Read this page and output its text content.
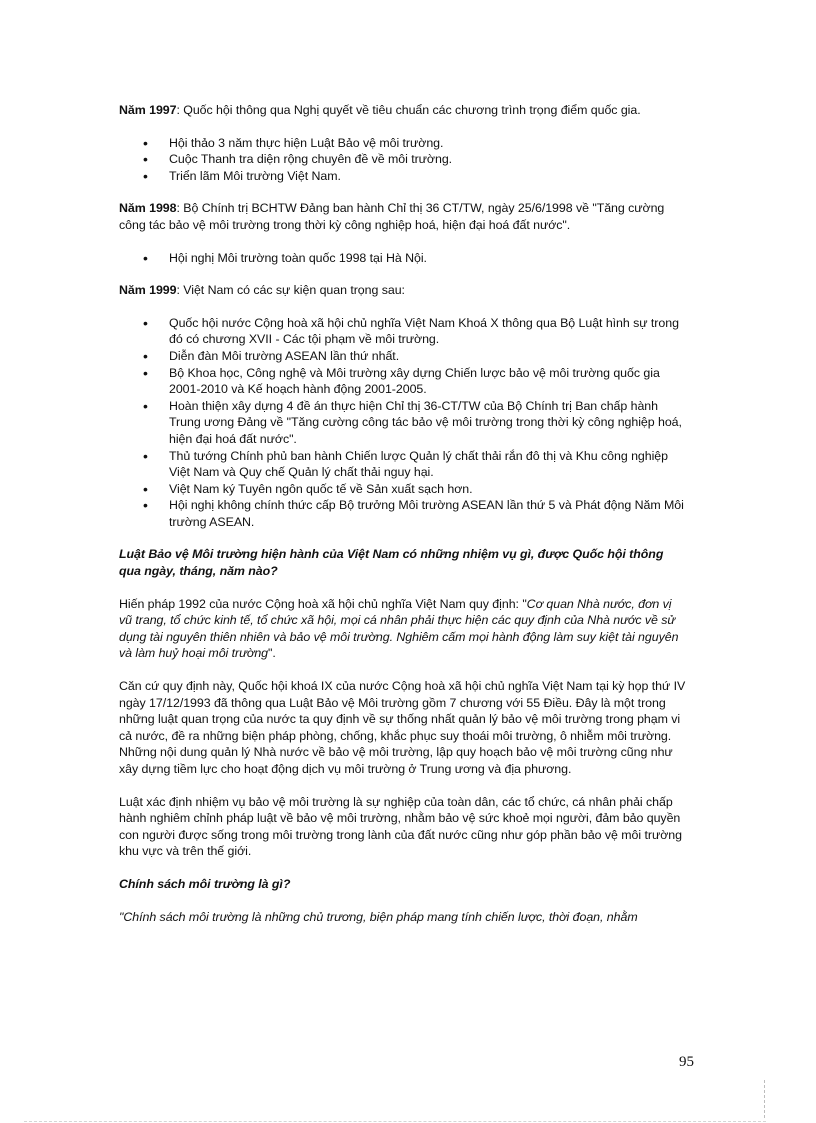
Năm 1997: Quốc hội thông qua Nghị quyết về tiêu chuẩn các chương trình trọng điểm quốc gia.

• Hội thảo 3 năm thực hiện Luật Bảo vệ môi trường.
• Cuộc Thanh tra diện rộng chuyên đề về môi trường.
• Triển lãm Môi trường Việt Nam.

Năm 1998: Bộ Chính trị BCHTW Đảng ban hành Chỉ thị 36 CT/TW, ngày 25/6/1998 về "Tăng cường công tác bảo vệ môi trường trong thời kỳ công nghiệp hoá, hiện đại hoá đất nước".

• Hội nghị Môi trường toàn quốc 1998 tại Hà Nội.

Năm 1999: Việt Nam có các sự kiện quan trọng sau:

• Quốc hội nước Cộng hoà xã hội chủ nghĩa Việt Nam Khoá X thông qua Bộ Luật hình sự trong đó có chương XVII - Các tội phạm về môi trường.
• Diễn đàn Môi trường ASEAN lần thứ nhất.
• Bộ Khoa học, Công nghệ và Môi trường xây dựng Chiến lược bảo vệ môi trường quốc gia 2001-2010 và Kế hoạch hành động 2001-2005.
• Hoàn thiện xây dựng 4 đề án thực hiện Chỉ thị 36-CT/TW của Bộ Chính trị Ban chấp hành Trung ương Đảng về "Tăng cường công tác bảo vệ môi trường trong thời kỳ công nghiệp hoá, hiện đại hoá đất nước".
• Thủ tướng Chính phủ ban hành Chiến lược Quản lý chất thải rắn đô thị và Khu công nghiệp Việt Nam và Quy chế Quản lý chất thải nguy hại.
• Việt Nam ký Tuyên ngôn quốc tế về Sản xuất sạch hơn.
• Hội nghị không chính thức cấp Bộ trưởng Môi trường ASEAN lần thứ 5 và Phát động Năm Môi trường ASEAN.

Luật Bảo vệ Môi trường hiện hành của Việt Nam có những nhiệm vụ gì, được Quốc hội thông qua ngày, tháng, năm nào?

Hiến pháp 1992 của nước Cộng hoà xã hội chủ nghĩa Việt Nam quy định: "Cơ quan Nhà nước, đơn vị vũ trang, tổ chức kinh tế, tổ chức xã hội, mọi cá nhân phải thực hiện các quy định của Nhà nước về sử dụng tài nguyên thiên nhiên và bảo vệ môi trường. Nghiêm cấm mọi hành động làm suy kiệt tài nguyên và làm huỷ hoại môi trường".

Căn cứ quy định này, Quốc hội khoá IX của nước Cộng hoà xã hội chủ nghĩa Việt Nam tại kỳ họp thứ IV ngày 17/12/1993 đã thông qua Luật Bảo vệ Môi trường gồm 7 chương với 55 Điều. Đây là một trong những luật quan trọng của nước ta quy định về sự thống nhất quản lý bảo vệ môi trường trong phạm vi cả nước, đề ra những biện pháp phòng, chống, khắc phục suy thoái môi trường, ô nhiễm môi trường. Những nội dung quản lý Nhà nước về bảo vệ môi trường, lập quy hoạch bảo vệ môi trường cũng như xây dựng tiềm lực cho hoạt động dịch vụ môi trường ở Trung ương và địa phương.

Luật xác định nhiệm vụ bảo vệ môi trường là sự nghiệp của toàn dân, các tổ chức, cá nhân phải chấp hành nghiêm chỉnh pháp luật về bảo vệ môi trường, nhằm bảo vệ sức khoẻ mọi người, đảm bảo quyền con người được sống trong môi trường trong lành của đất nước cũng như góp phần bảo vệ môi trường khu vực và trên thế giới.

Chính sách môi trường là gì?

"Chính sách môi trường là những chủ trương, biện pháp mang tính chiến lược, thời đoạn, nhằm

95
